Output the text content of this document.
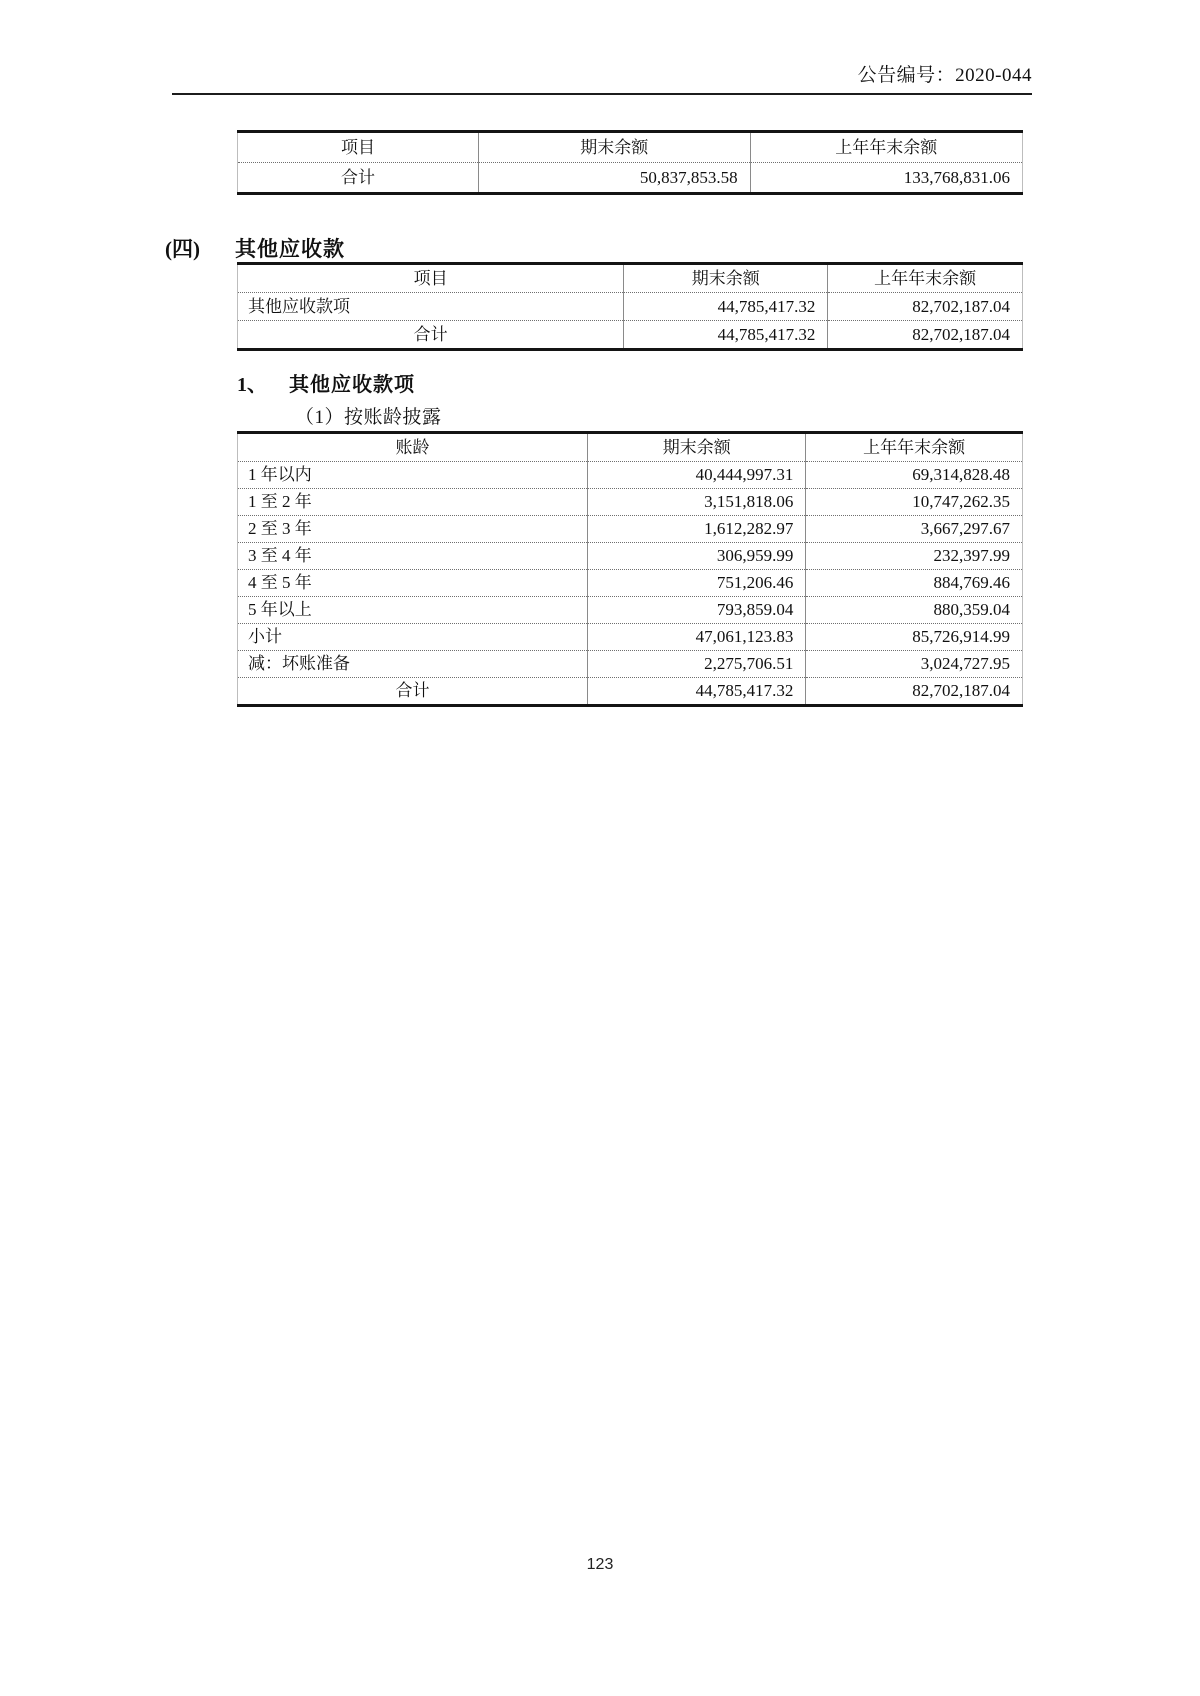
公告编号：2020-044
项目	期末余额	上年年末余额
合计	50,837,853.58	133,768,831.06
(四) 其他应收款
项目	期末余额	上年年末余额
其他应收款项	44,785,417.32	82,702,187.04
合计	44,785,417.32	82,702,187.04
1、 其他应收款项
（1）按账龄披露
账龄	期末余额	上年年末余额
1 年以内	40,444,997.31	69,314,828.48
1 至 2 年	3,151,818.06	10,747,262.35
2 至 3 年	1,612,282.97	3,667,297.67
3 至 4 年	306,959.99	232,397.99
4 至 5 年	751,206.46	884,769.46
5 年以上	793,859.04	880,359.04
小计	47,061,123.83	85,726,914.99
减：坏账准备	2,275,706.51	3,024,727.95
合计	44,785,417.32	82,702,187.04
123
